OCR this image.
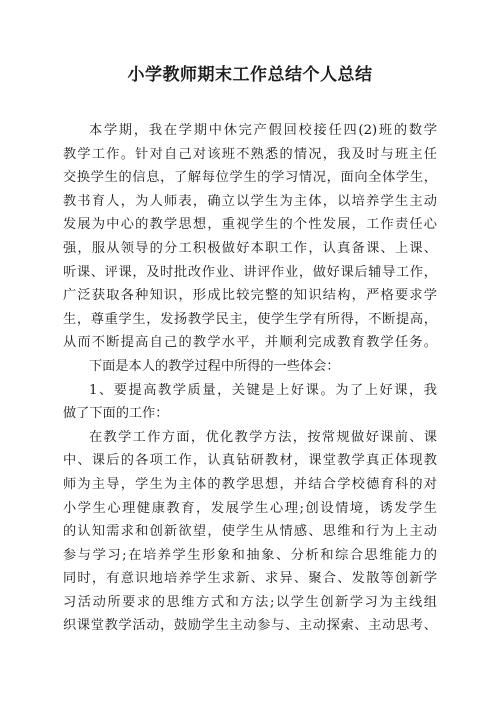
小学教师期末工作总结个人总结
本学期，我在学期中休完产假回校接任四(2)班的数学
教学工作。针对自己对该班不熟悉的情况，我及时与班主任
交换学生的信息，了解每位学生的学习情况，面向全体学生，
教书育人，为人师表，确立以学生为主体，以培养学生主动
发展为中心的教学思想，重视学生的个性发展，工作责任心
强，服从领导的分工积极做好本职工作，认真备课、上课、
听课、评课，及时批改作业、讲评作业，做好课后辅导工作，
广泛获取各种知识，形成比较完整的知识结构，严格要求学
生，尊重学生，发扬教学民主，使学生学有所得，不断提高，
从而不断提高自己的教学水平，并顺利完成教育教学任务。
下面是本人的教学过程中所得的一些体会：
1、要提高教学质量，关键是上好课。为了上好课，我
做了下面的工作：
在教学工作方面，优化教学方法，按常规做好课前、课
中、课后的各项工作，认真钻研教材，课堂教学真正体现教
师为主导，学生为主体的教学思想，并结合学校德育科的对
小学生心理健康教育，发展学生心理;创设情境，诱发学生
的认知需求和创新欲望，使学生从情感、思维和行为上主动
参与学习;在培养学生形象和抽象、分析和综合思维能力的
同时，有意识地培养学生求新、求异、聚合、发散等创新学
习活动所要求的思维方式和方法;以学生创新学习为主线组
织课堂教学活动，鼓励学生主动参与、主动探索、主动思考、
